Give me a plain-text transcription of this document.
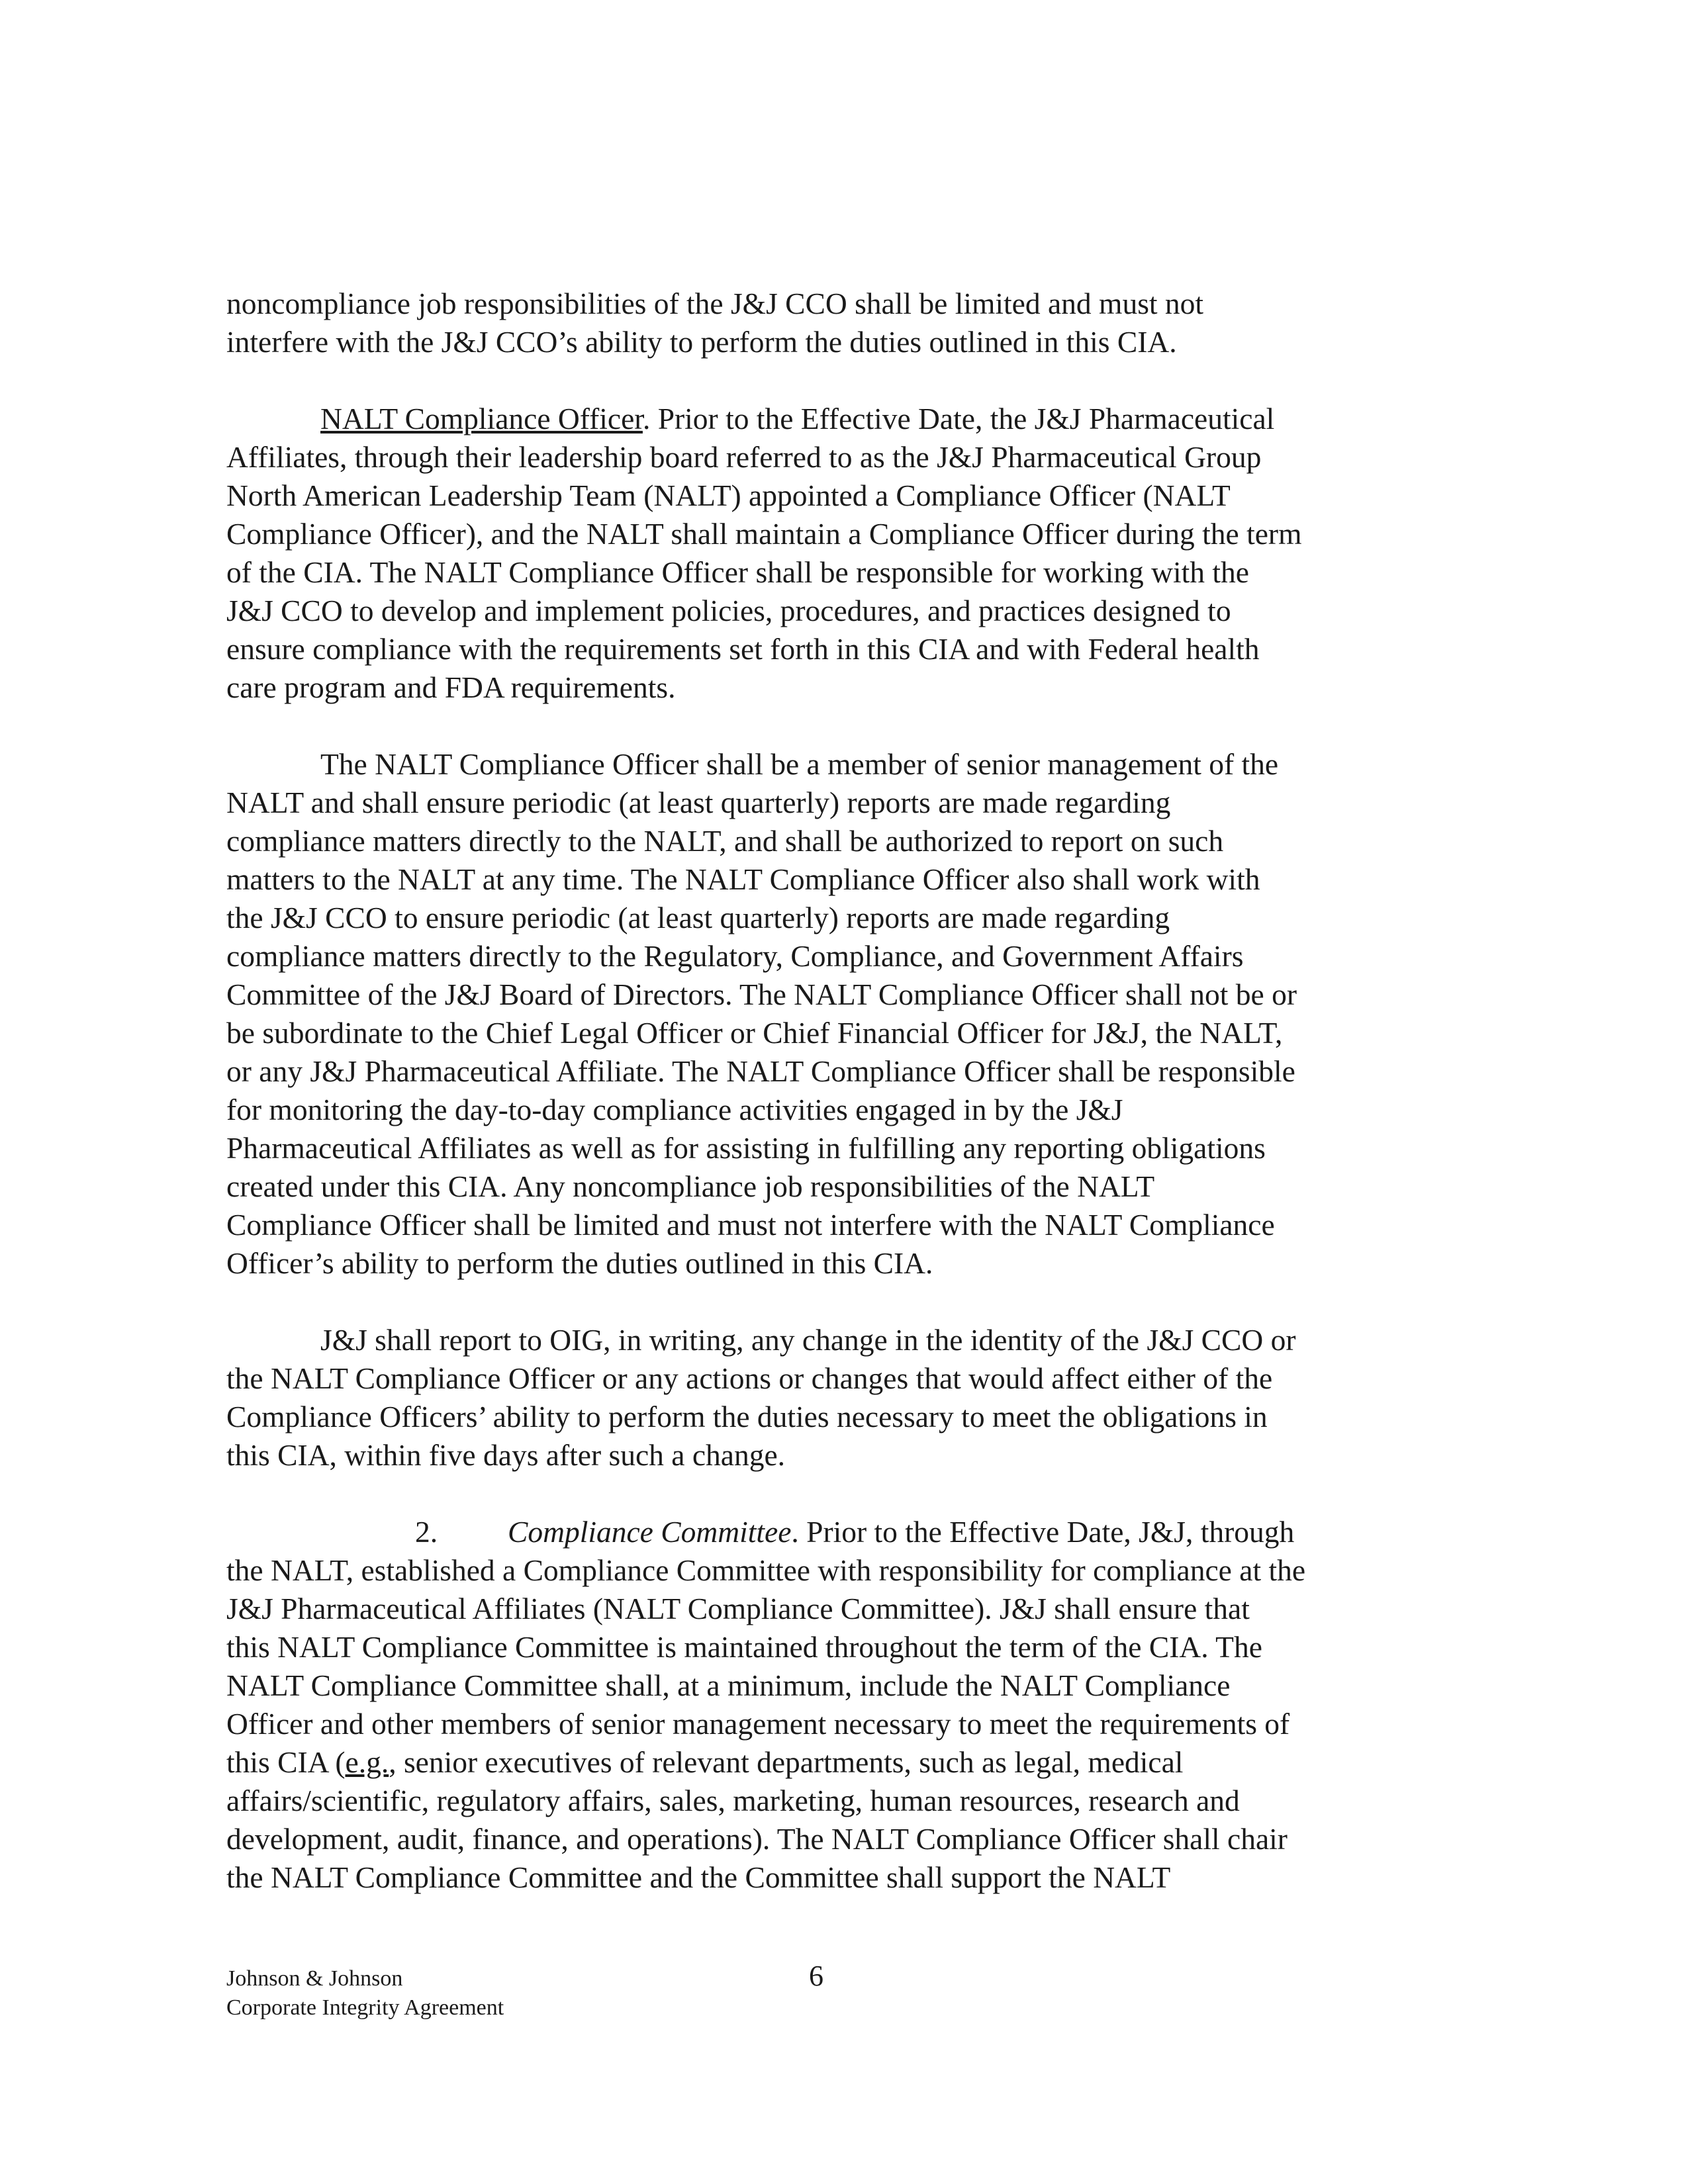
noncompliance job responsibilities of the J&J CCO shall be limited and must not
interfere with the J&J CCO’s ability to perform the duties outlined in this CIA.
NALT Compliance Officer. Prior to the Effective Date, the J&J Pharmaceutical
Affiliates, through their leadership board referred to as the J&J Pharmaceutical Group
North American Leadership Team (NALT) appointed a Compliance Officer (NALT
Compliance Officer), and the NALT shall maintain a Compliance Officer during the term
of the CIA. The NALT Compliance Officer shall be responsible for working with the
J&J CCO to develop and implement policies, procedures, and practices designed to
ensure compliance with the requirements set forth in this CIA and with Federal health
care program and FDA requirements.
The NALT Compliance Officer shall be a member of senior management of the
NALT and shall ensure periodic (at least quarterly) reports are made regarding
compliance matters directly to the NALT, and shall be authorized to report on such
matters to the NALT at any time. The NALT Compliance Officer also shall work with
the J&J CCO to ensure periodic (at least quarterly) reports are made regarding
compliance matters directly to the Regulatory, Compliance, and Government Affairs
Committee of the J&J Board of Directors. The NALT Compliance Officer shall not be or
be subordinate to the Chief Legal Officer or Chief Financial Officer for J&J, the NALT,
or any J&J Pharmaceutical Affiliate. The NALT Compliance Officer shall be responsible
for monitoring the day-to-day compliance activities engaged in by the J&J
Pharmaceutical Affiliates as well as for assisting in fulfilling any reporting obligations
created under this CIA. Any noncompliance job responsibilities of the NALT
Compliance Officer shall be limited and must not interfere with the NALT Compliance
Officer’s ability to perform the duties outlined in this CIA.
J&J shall report to OIG, in writing, any change in the identity of the J&J CCO or
the NALT Compliance Officer or any actions or changes that would affect either of the
Compliance Officers’ ability to perform the duties necessary to meet the obligations in
this CIA, within five days after such a change.
2. Compliance Committee. Prior to the Effective Date, J&J, through
the NALT, established a Compliance Committee with responsibility for compliance at the
J&J Pharmaceutical Affiliates (NALT Compliance Committee). J&J shall ensure that
this NALT Compliance Committee is maintained throughout the term of the CIA. The
NALT Compliance Committee shall, at a minimum, include the NALT Compliance
Officer and other members of senior management necessary to meet the requirements of
this CIA (e.g., senior executives of relevant departments, such as legal, medical
affairs/scientific, regulatory affairs, sales, marketing, human resources, research and
development, audit, finance, and operations). The NALT Compliance Officer shall chair
the NALT Compliance Committee and the Committee shall support the NALT
Johnson & Johnson
Corporate Integrity Agreement
6
